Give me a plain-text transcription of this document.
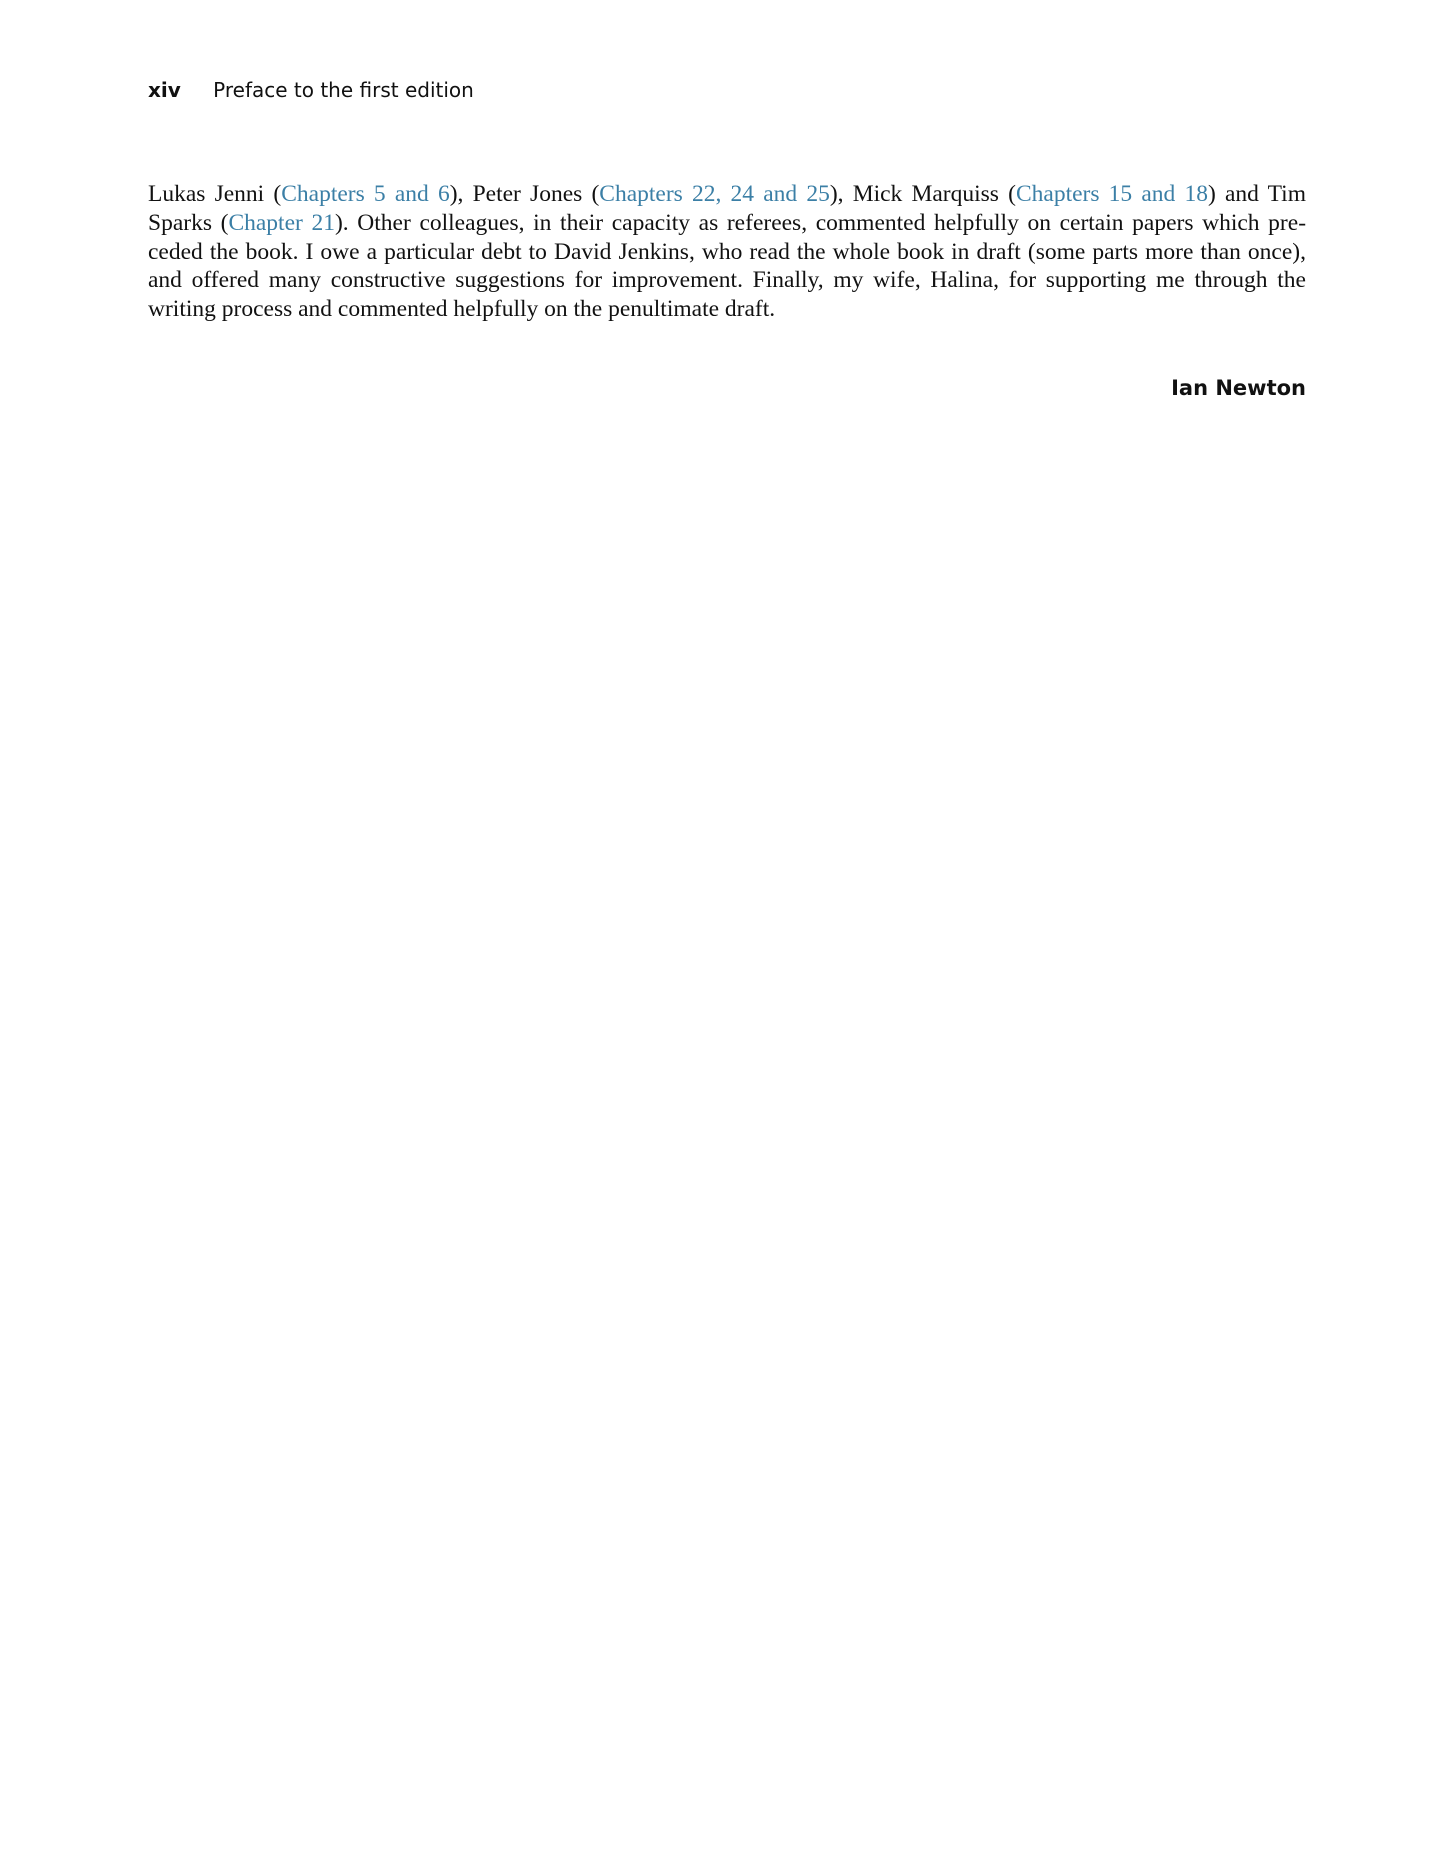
xiv Preface to the first edition

Lukas Jenni (Chapters 5 and 6), Peter Jones (Chapters 22, 24 and 25), Mick Marquiss (Chapters 15 and 18) and Tim Sparks (Chapter 21). Other colleagues, in their capacity as referees, commented helpfully on certain papers which preceded the book. I owe a particular debt to David Jenkins, who read the whole book in draft (some parts more than once), and offered many constructive suggestions for improvement. Finally, my wife, Halina, for supporting me through the writing process and commented helpfully on the penultimate draft.

Ian Newton
